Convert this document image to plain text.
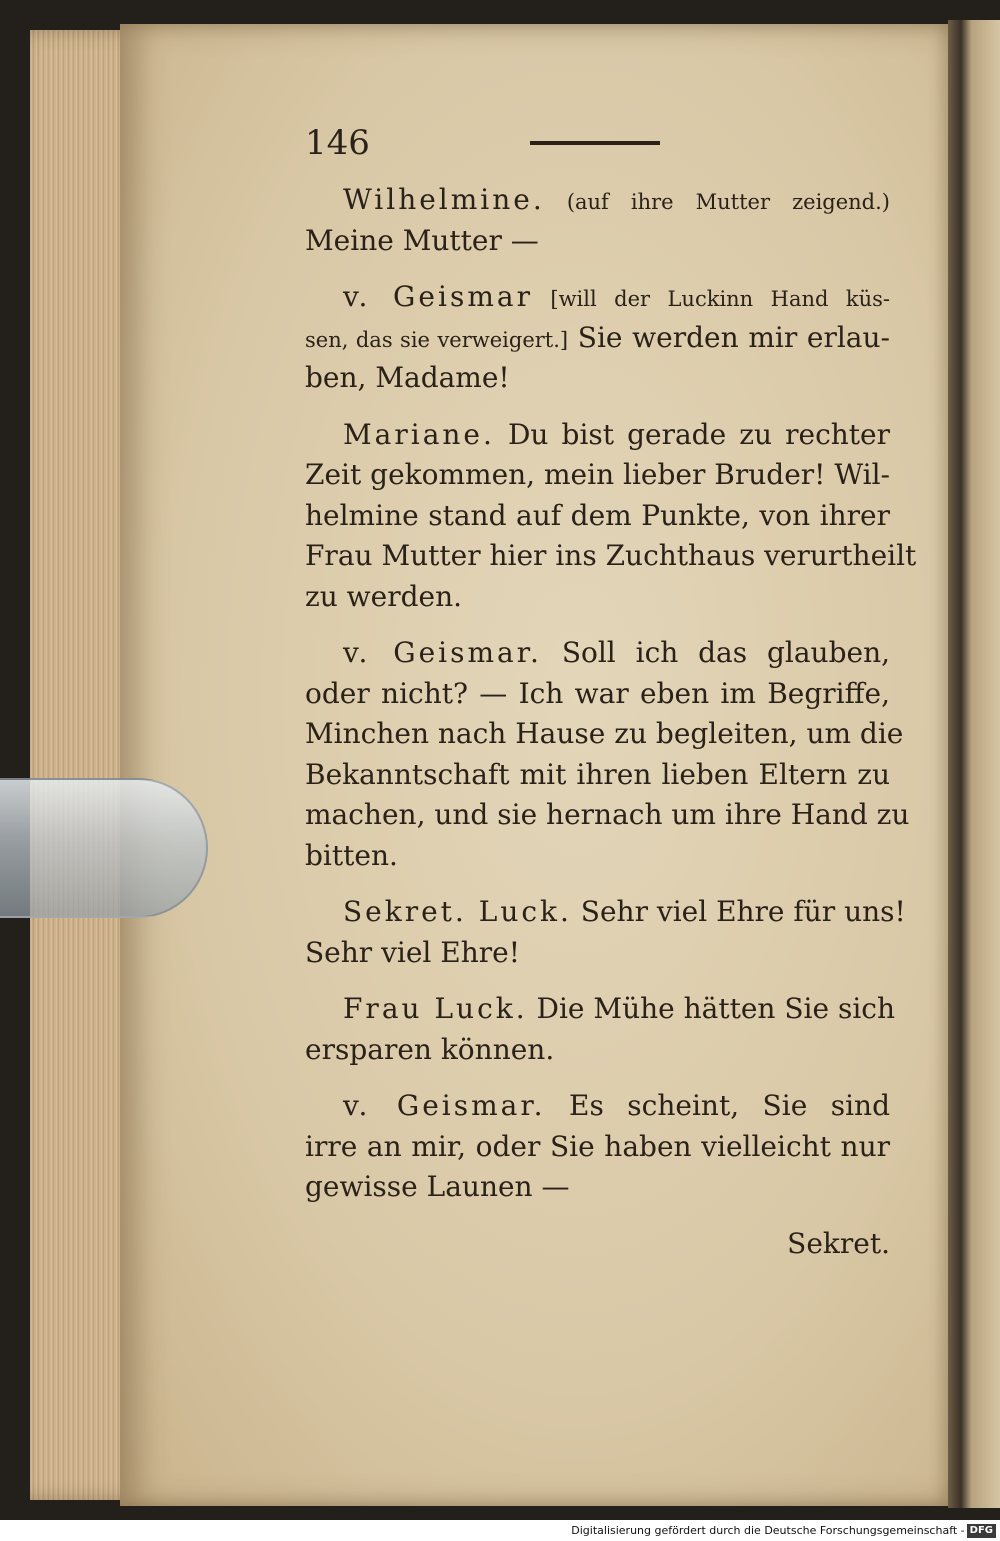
146
Wilhelmine. (auf ihre Mutter zeigend.)
Meine Mutter —
v. Geismar [will der Luckinn Hand küs-
sen, das sie verweigert.] Sie werden mir erlau-
ben, Madame!
Mariane. Du bist gerade zu rechter
Zeit gekommen, mein lieber Bruder! Wil-
helmine stand auf dem Punkte, von ihrer
Frau Mutter hier ins Zuchthaus verurtheilt
zu werden.
v. Geismar. Soll ich das glauben,
oder nicht? — Ich war eben im Begriffe,
Minchen nach Hause zu begleiten, um die
Bekanntschaft mit ihren lieben Eltern zu
machen, und sie hernach um ihre Hand zu
bitten.
Sekret. Luck. Sehr viel Ehre für uns!
Sehr viel Ehre!
Frau Luck. Die Mühe hätten Sie sich
ersparen können.
v. Geismar. Es scheint, Sie sind
irre an mir, oder Sie haben vielleicht nur
gewisse Launen —
Sekret.
Digitalisierung gefördert durch die Deutsche Forschungsgemeinschaft - DFG
